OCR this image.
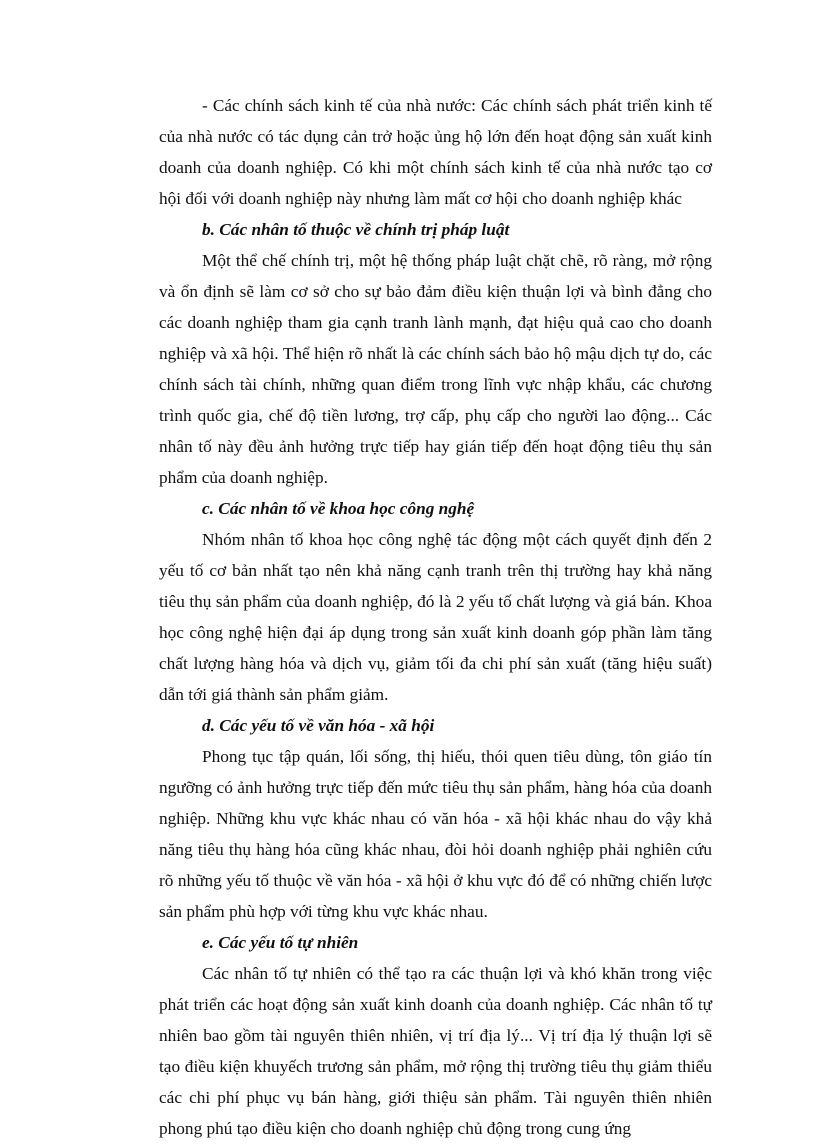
- Các chính sách kinh tế của nhà nước: Các chính sách phát triển kinh tế của nhà nước có tác dụng cản trở hoặc ủng hộ lớn đến hoạt động sản xuất kinh doanh của doanh nghiệp. Có khi một chính sách kinh tế của nhà nước tạo cơ hội đối với doanh nghiệp này nhưng làm mất cơ hội cho doanh nghiệp khác

b. Các nhân tố thuộc về chính trị pháp luật

Một thể chế chính trị, một hệ thống pháp luật chặt chẽ, rõ ràng, mở rộng và ổn định sẽ làm cơ sở cho sự bảo đảm điều kiện thuận lợi và bình đẳng cho các doanh nghiệp tham gia cạnh tranh lành mạnh, đạt hiệu quả cao cho doanh nghiệp và xã hội. Thể hiện rõ nhất là các chính sách bảo hộ mậu dịch tự do, các chính sách tài chính, những quan điểm trong lĩnh vực nhập khẩu, các chương trình quốc gia, chế độ tiền lương, trợ cấp, phụ cấp cho người lao động... Các nhân tố này đều ảnh hưởng trực tiếp hay gián tiếp đến hoạt động tiêu thụ sản phẩm của doanh nghiệp.

c. Các nhân tố về khoa học công nghệ

Nhóm nhân tố khoa học công nghệ tác động một cách quyết định đến 2 yếu tố cơ bản nhất tạo nên khả năng cạnh tranh trên thị trường hay khả năng tiêu thụ sản phẩm của doanh nghiệp, đó là 2 yếu tố chất lượng và giá bán. Khoa học công nghệ hiện đại áp dụng trong sản xuất kinh doanh góp phần làm tăng chất lượng hàng hóa và dịch vụ, giảm tối đa chi phí sản xuất (tăng hiệu suất) dẫn tới giá thành sản phẩm giảm.

d. Các yếu tố về văn hóa - xã hội

Phong tục tập quán, lối sống, thị hiếu, thói quen tiêu dùng, tôn giáo tín ngưỡng có ảnh hưởng trực tiếp đến mức tiêu thụ sản phẩm, hàng hóa của doanh nghiệp. Những khu vực khác nhau có văn hóa - xã hội khác nhau do vậy khả năng tiêu thụ hàng hóa cũng khác nhau, đòi hỏi doanh nghiệp phải nghiên cứu rõ những yếu tố thuộc về văn hóa - xã hội ở khu vực đó để có những chiến lược sản phẩm phù hợp với từng khu vực khác nhau.

e. Các yếu tố tự nhiên

Các nhân tố tự nhiên có thể tạo ra các thuận lợi và khó khăn trong việc phát triển các hoạt động sản xuất kinh doanh của doanh nghiệp. Các nhân tố tự nhiên bao gồm tài nguyên thiên nhiên, vị trí địa lý... Vị trí địa lý thuận lợi sẽ tạo điều kiện khuyếch trương sản phẩm, mở rộng thị trường tiêu thụ giảm thiểu các chi phí phục vụ bán hàng, giới thiệu sản phẩm. Tài nguyên thiên nhiên phong phú tạo điều kiện cho doanh nghiệp chủ động trong cung ứng
